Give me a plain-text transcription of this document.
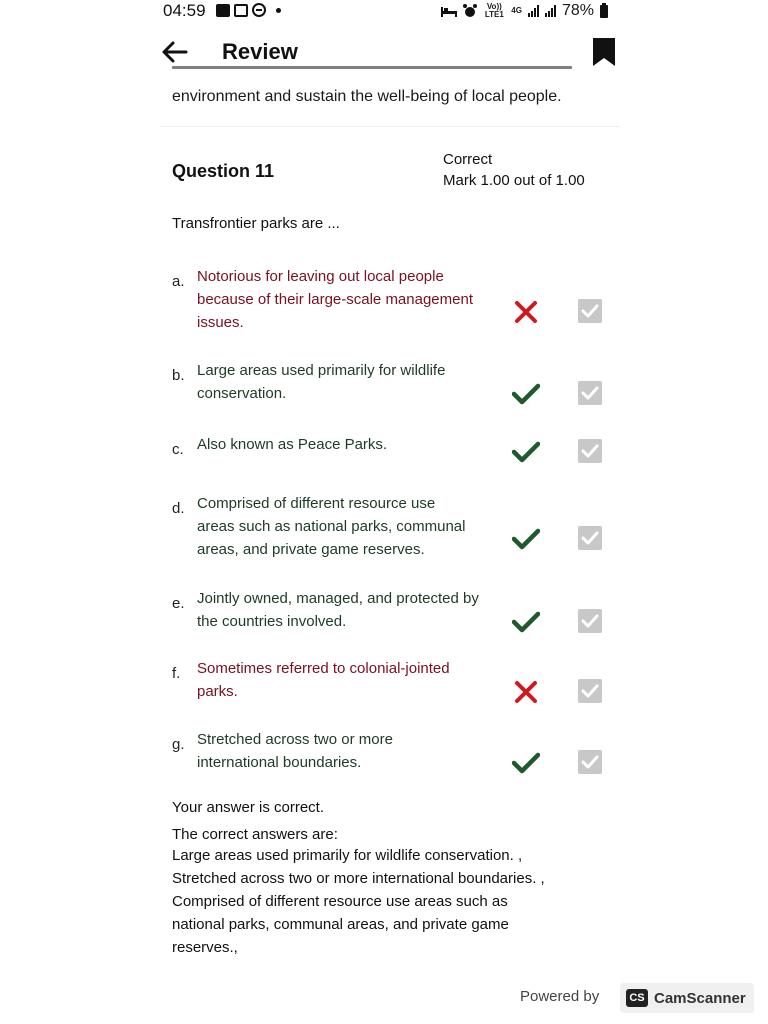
04:59	Vo)) LTE1 4G	78%
Review
environment and sustain the well-being of local people.
Question 11
Correct
Mark 1.00 out of 1.00
Transfrontier parks are ...
a. Notorious for leaving out local people
because of their large-scale management
issues.
b. Large areas used primarily for wildlife
conservation.
c. Also known as Peace Parks.
d. Comprised of different resource use
areas such as national parks, communal
areas, and private game reserves.
e. Jointly owned, managed, and protected by
the countries involved.
f. Sometimes referred to colonial-jointed
parks.
g. Stretched across two or more
international boundaries.
Your answer is correct.
The correct answers are:
Large areas used primarily for wildlife conservation. ,
Stretched across two or more international boundaries. ,
Comprised of different resource use areas such as
national parks, communal areas, and private game
reserves.,
Powered by	CS CamScanner
